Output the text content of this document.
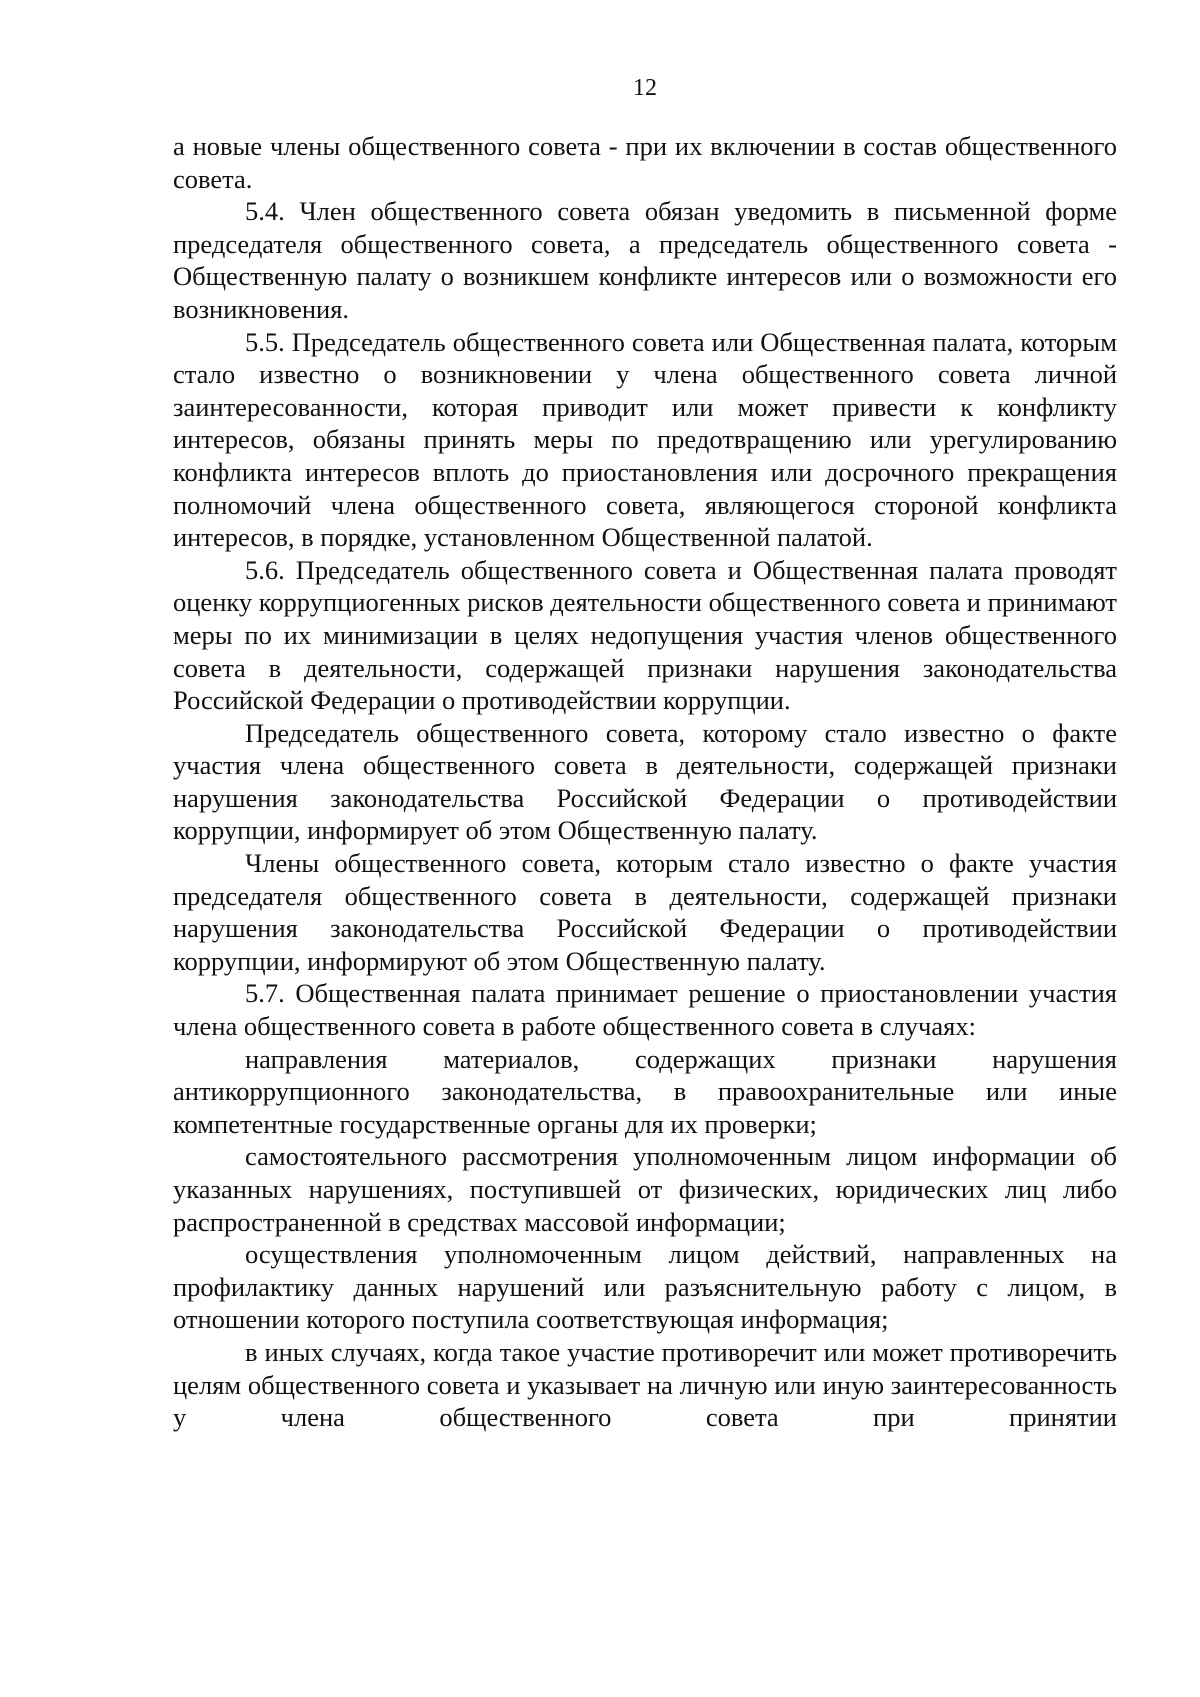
12

а новые члены общественного совета - при их включении в состав общественного совета.

5.4. Член общественного совета обязан уведомить в письменной форме председателя общественного совета, а председатель общественного совета - Общественную палату о возникшем конфликте интересов или о возможности его возникновения.

5.5. Председатель общественного совета или Общественная палата, которым стало известно о возникновении у члена общественного совета личной заинтересованности, которая приводит или может привести к конфликту интересов, обязаны принять меры по предотвращению или урегулированию конфликта интересов вплоть до приостановления или досрочного прекращения полномочий члена общественного совета, являющегося стороной конфликта интересов, в порядке, установленном Общественной палатой.

5.6. Председатель общественного совета и Общественная палата проводят оценку коррупциогенных рисков деятельности общественного совета и принимают меры по их минимизации в целях недопущения участия членов общественного совета в деятельности, содержащей признаки нарушения законодательства Российской Федерации о противодействии коррупции.

Председатель общественного совета, которому стало известно о факте участия члена общественного совета в деятельности, содержащей признаки нарушения законодательства Российской Федерации о противодействии коррупции, информирует об этом Общественную палату.

Члены общественного совета, которым стало известно о факте участия председателя общественного совета в деятельности, содержащей признаки нарушения законодательства Российской Федерации о противодействии коррупции, информируют об этом Общественную палату.

5.7. Общественная палата принимает решение о приостановлении участия члена общественного совета в работе общественного совета в случаях:

направления материалов, содержащих признаки нарушения антикоррупционного законодательства, в правоохранительные или иные компетентные государственные органы для их проверки;

самостоятельного рассмотрения уполномоченным лицом информации об указанных нарушениях, поступившей от физических, юридических лиц либо распространенной в средствах массовой информации;

осуществления уполномоченным лицом действий, направленных на профилактику данных нарушений или разъяснительную работу с лицом, в отношении которого поступила соответствующая информация;

в иных случаях, когда такое участие противоречит или может противоречить целям общественного совета и указывает на личную или иную заинтересованность у члена общественного совета при принятии
